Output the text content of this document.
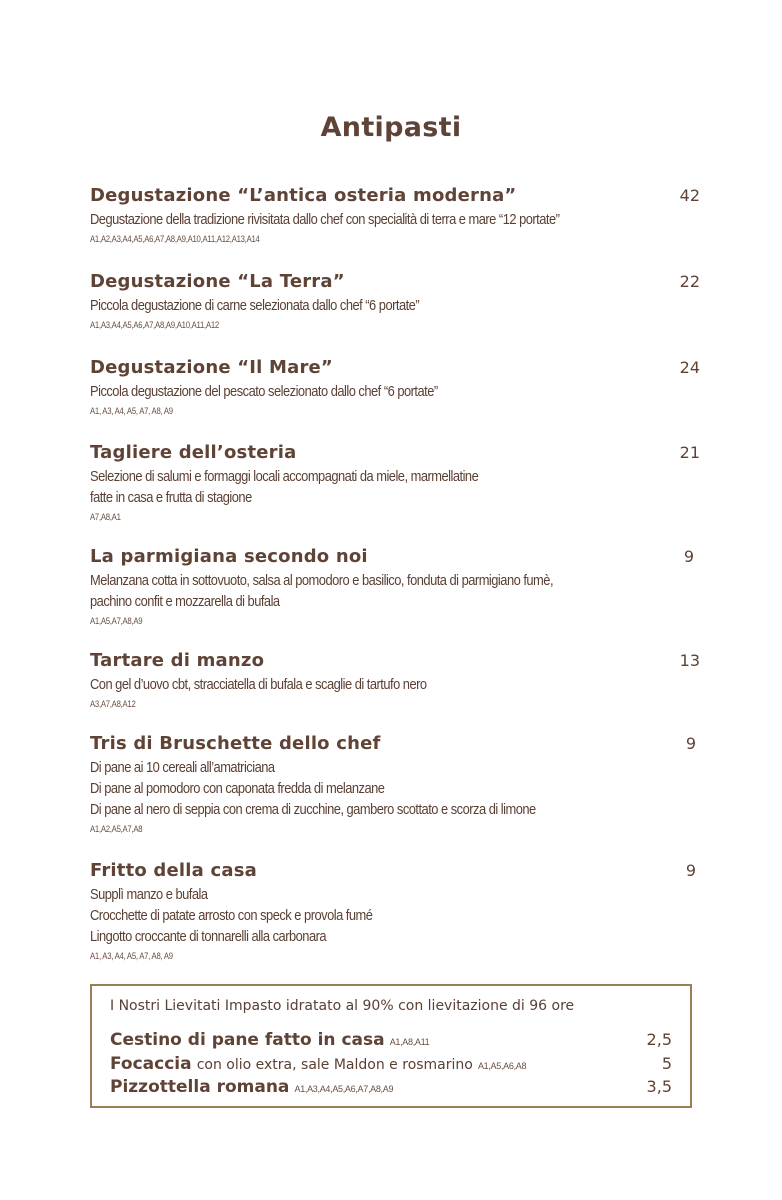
Antipasti
Degustazione “L’antica osteria moderna”	42
Degustazione della tradizione rivisitata dallo chef con specialità di terra e mare “12 portate”
A1,A2,A3,A4,A5,A6,A7,A8,A9,A10,A11,A12,A13,A14
Degustazione “La Terra”	22
Piccola degustazione di carne selezionata dallo chef “6 portate”
A1,A3,A4,A5,A6,A7,A8,A9,A10,A11,A12
Degustazione “Il Mare”	24
Piccola degustazione del pescato selezionato dallo chef “6 portate”
A1, A3, A4, A5, A7, A8, A9
Tagliere dell’osteria	21
Selezione di salumi e formaggi locali accompagnati da miele, marmellatine
fatte in casa e frutta di stagione
A7,A8,A1
La parmigiana secondo noi	9
Melanzana cotta in sottovuoto, salsa al pomodoro e basilico, fonduta di parmigiano fumè,
pachino confit e mozzarella di bufala
A1,A5,A7,A8,A9
Tartare di manzo	13
Con gel d’uovo cbt, stracciatella di bufala e scaglie di tartufo nero
A3,A7,A8,A12
Tris di Bruschette dello chef	9
Di pane ai 10 cereali all’amatriciana
Di pane al pomodoro con caponata fredda di melanzane
Di pane al nero di seppia con crema di zucchine, gambero scottato e scorza di limone
A1,A2,A5,A7,A8
Fritto della casa	9
Supplì manzo e bufala
Crocchette di patate arrosto con speck e provola fumé
Lingotto croccante di tonnarelli alla carbonara
A1, A3, A4, A5, A7, A8, A9
I Nostri Lievitati Impasto idratato al 90% con lievitazione di 96 ore
Cestino di pane fatto in casa A1,A8,A11	2,5
Focaccia con olio extra, sale Maldon e rosmarino A1,A5,A6,A8	5
Pizzottella romana A1,A3,A4,A5,A6,A7,A8,A9	3,5
